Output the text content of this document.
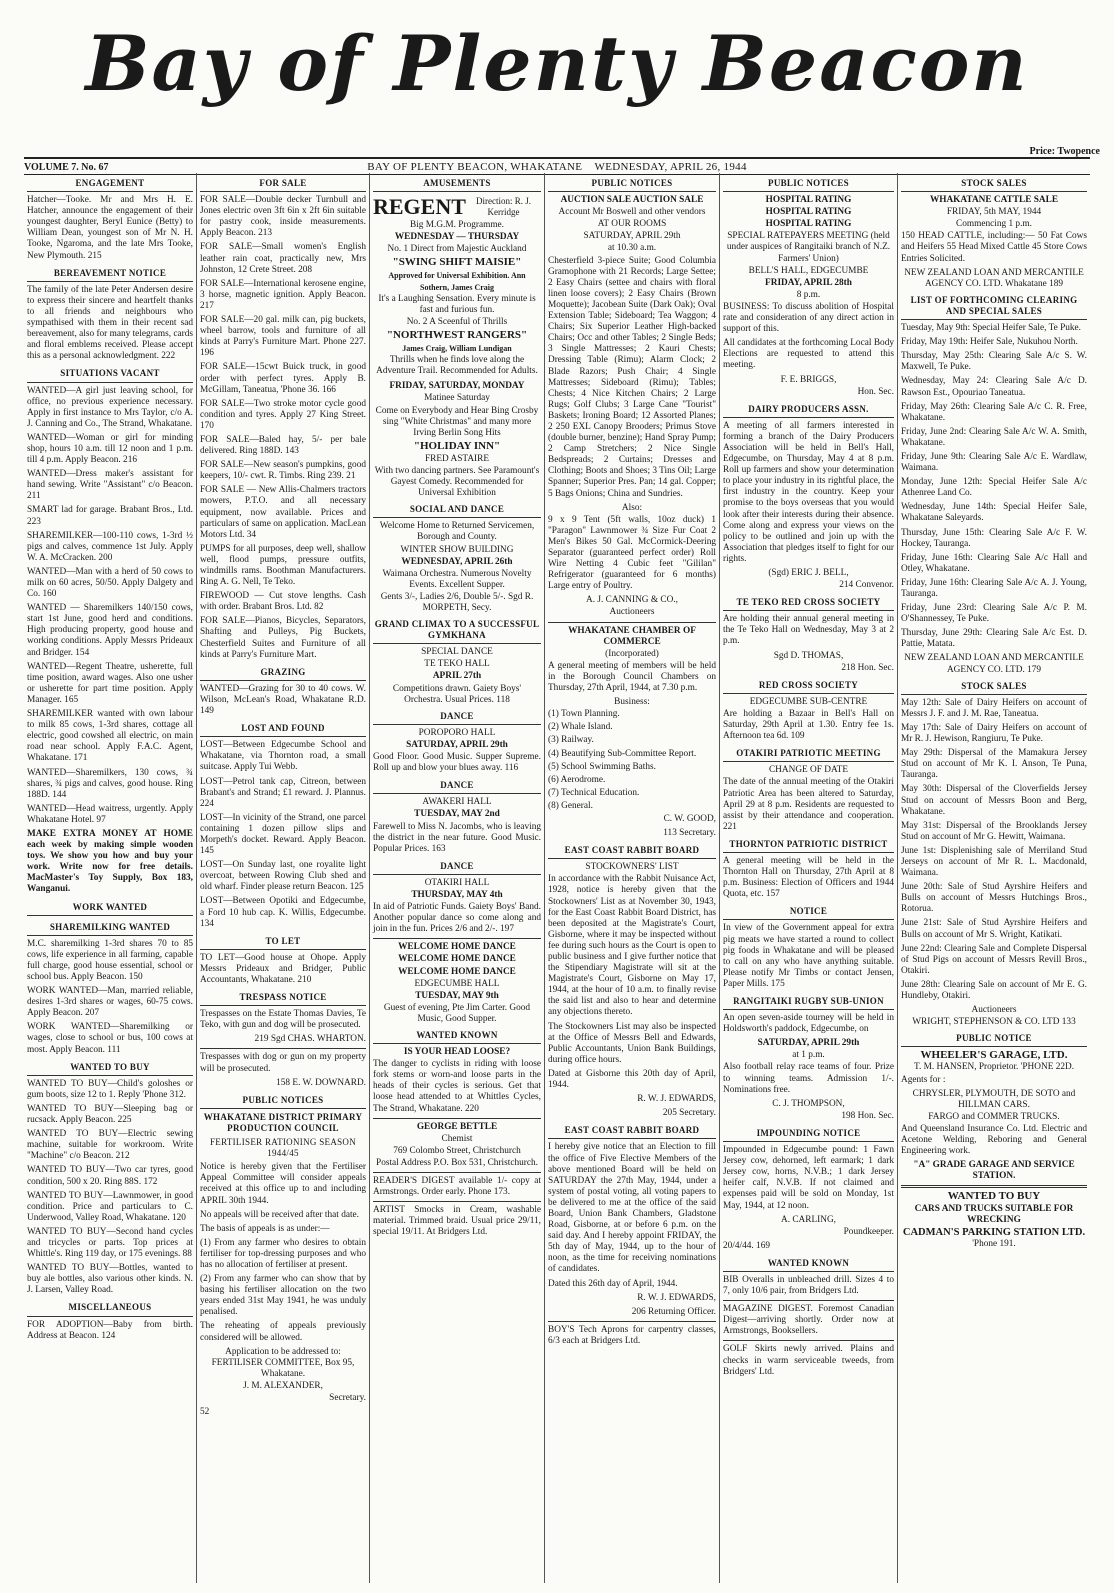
Bay of Plenty Beacon
Price: Twopence
VOLUME 7. No. 67	BAY OF PLENTY BEACON, WHAKATANE WEDNESDAY, APRIL 26, 1944
ENGAGEMENT

Hatcher—Tooke. Mr and Mrs H. E. Hatcher, announce the engagement of their youngest daughter, Beryl Eunice (Betty) to William Dean, youngest son of Mr N. H. Tooke, Ngaroma, and the late Mrs Tooke, New Plymouth. 215

BEREAVEMENT NOTICE

The family of the late Peter Andersen desire to express their sincere and heartfelt thanks to all friends and neighbours who sympathised with them in their recent sad bereavement, also for many telegrams, cards and floral emblems received. Please accept this as a personal acknowledgment. 222

SITUATIONS VACANT

WANTED—A girl just leaving school, for office, no previous experience necessary. Apply in first instance to Mrs Taylor, c/o A. J. Canning and Co., The Strand, Whakatane.

WANTED—Woman or girl for minding shop, hours 10 a.m. till 12 noon and 1 p.m. till 4 p.m. Apply Beacon. 216

WANTED—Dress maker's assistant for hand sewing. Write "Assistant" c/o Beacon. 211

SMART lad for garage. Brabant Bros., Ltd. 223

SHAREMILKER—100-110 cows, 1-3rd ½ pigs and calves, commence 1st July. Apply W. A. McCracken. 200

WANTED—Man with a herd of 50 cows to milk on 60 acres, 50/50. Apply Dalgety and Co. 160

WANTED — Sharemilkers 140/150 cows, start 1st June, good herd and conditions. High producing property, good house and working conditions. Apply Messrs Prideaux and Bridger. 154

WANTED—Regent Theatre, usherette, full time position, award wages. Also one usher or usherette for part time position. Apply Manager. 165

SHAREMILKER wanted with own labour to milk 85 cows, 1-3rd shares, cottage all electric, good cowshed all electric, on main road near school. Apply F.A.C. Agent, Whakatane. 171

WANTED—Sharemilkers, 130 cows, ¾ shares, ¾ pigs and calves, good house. Ring 188D. 144

WANTED—Head waitress, urgently. Apply Whakatane Hotel. 97

MAKE EXTRA MONEY AT HOME each week by making simple wooden toys. We show you how and buy your work. Write now for free details. MacMaster's Toy Supply, Box 183, Wanganui.

WORK WANTED
SHAREMILKING WANTED

M.C. sharemilking 1-3rd shares 70 to 85 cows, life experience in all farming, capable full charge, good house essential, school or school bus. Apply Beacon. 150

WORK WANTED—Man, married reliable, desires 1-3rd shares or wages, 60-75 cows. Apply Beacon. 207

WORK WANTED—Sharemilking or wages, close to school or bus, 100 cows at most. Apply Beacon. 111

WANTED TO BUY

WANTED TO BUY—Child's goloshes or gum boots, size 12 to 1. Reply 'Phone 312.

WANTED TO BUY—Sleeping bag or rucsack. Apply Beacon. 225

WANTED TO BUY—Electric sewing machine, suitable for workroom. Write "Machine" c/o Beacon. 212

WANTED TO BUY—Two car tyres, good condition, 500 x 20. Ring 88S. 172

WANTED TO BUY—Lawnmower, in good condition. Price and particulars to C. Underwood, Valley Road, Whakatane. 120

WANTED TO BUY—Second hand cycles and tricycles or parts. Top prices at Whittle's. Ring 119 day, or 175 evenings. 88

WANTED TO BUY—Bottles, wanted to buy ale bottles, also various other kinds. N. J. Larsen, Valley Road.

MISCELLANEOUS

FOR ADOPTION—Baby from birth. Address at Beacon. 124

FOR SALE

FOR SALE—Double decker Turnbull and Jones electric oven 3ft 6in x 2ft 6in suitable for pastry cook, inside measurements. Apply Beacon. 213

FOR SALE—Small women's English leather rain coat, practically new, Mrs Johnston, 12 Crete Street. 208

FOR SALE—International kerosene engine, 3 horse, magnetic ignition. Apply Beacon. 217

FOR SALE—20 gal. milk can, pig buckets, wheel barrow, tools and furniture of all kinds at Parry's Furniture Mart. Phone 227. 196

FOR SALE—15cwt Buick truck, in good order with perfect tyres. Apply B. McGillam, Taneatua, 'Phone 36. 166

FOR SALE—Two stroke motor cycle good condition and tyres. Apply 27 King Street. 170

FOR SALE—Baled hay, 5/- per bale delivered. Ring 188D. 143

FOR SALE—New season's pumpkins, good keepers, 10/- cwt. R. Timbs. Ring 239. 21

FOR SALE — New Allis-Chalmers tractors mowers, P.T.O. and all necessary equipment, now available. Prices and particulars of same on application. MacLean Motors Ltd. 34

PUMPS for all purposes, deep well, shallow well, flood pumps, pressure outfits, windmills rams. Boothman Manufacturers. Ring A. G. Nell, Te Teko.

FIREWOOD — Cut stove lengths. Cash with order. Brabant Bros. Ltd. 82

FOR SALE—Pianos, Bicycles, Separators, Shafting and Pulleys, Pig Buckets, Chesterfield Suites and Furniture of all kinds at Parry's Furniture Mart.

GRAZING

WANTED—Grazing for 30 to 40 cows. W. Wilson, McLean's Road, Whakatane R.D. 149

LOST AND FOUND

LOST—Between Edgecumbe School and Whakatane, via Thornton road, a small suitcase. Apply Tui Webb.

LOST—Petrol tank cap, Citreon, between Brabant's and Strand; £1 reward. J. Plannus. 224

LOST—In vicinity of the Strand, one parcel containing 1 dozen pillow slips and Morpeth's docket. Reward. Apply Beacon. 145

LOST—On Sunday last, one royalite light overcoat, between Rowing Club shed and old wharf. Finder please return Beacon. 125

LOST—Between Opotiki and Edgecumbe, a Ford 10 hub cap. K. Willis, Edgecumbe. 134

TO LET

TO LET—Good house at Ohope. Apply Messrs Prideaux and Bridger, Public Accountants, Whakatane. 210

TRESPASS NOTICE

Trespasses on the Estate Thomas Davies, Te Teko, with gun and dog will be prosecuted.

219 Sgd CHAS. WHARTON.

Trespasses with dog or gun on my property will be prosecuted.

158 E. W. DOWNARD.

PUBLIC NOTICES
WHAKATANE DISTRICT PRIMARY PRODUCTION COUNCIL
FERTILISER RATIONING SEASON 1944/45

Notice is hereby given that the Fertiliser Appeal Committee will consider appeals received at this office up to and including APRIL 30th 1944.

No appeals will be received after that date.

The basis of appeals is as under:—

(1) From any farmer who desires to obtain fertiliser for top-dressing purposes and who has no allocation of fertiliser at present.

(2) From any farmer who can show that by basing his fertiliser allocation on the two years ended 31st May 1941, he was unduly penalised.

The reheating of appeals previously considered will be allowed.

Application to be addressed to: FERTILISER COMMITTEE, Box 95, Whakatane.

J. M. ALEXANDER,

Secretary.

52

AMUSEMENTS
REGENT	Direction: R. J. Kerridge

Big M.G.M. Programme.

WEDNESDAY — THURSDAY

No. 1 Direct from Majestic Auckland

"SWING SHIFT MAISIE"

Approved for Universal Exhibition. Ann Sothern, James Craig

It's a Laughing Sensation. Every minute is fast and furious fun.

No. 2 A Sceenful of Thrills

"NORTHWEST RANGERS"

James Craig, William Lundigan

Thrills when he finds love along the Adventure Trail. Recommended for Adults.

FRIDAY, SATURDAY, MONDAY

Matinee Saturday

Come on Everybody and Hear Bing Crosby sing "White Christmas" and many more Irving Berlin Song Hits

"HOLIDAY INN"

FRED ASTAIRE

With two dancing partners. See Paramount's Gayest Comedy. Recommended for Universal Exhibition

SOCIAL AND DANCE

Welcome Home to Returned Servicemen, Borough and County.

WINTER SHOW BUILDING

WEDNESDAY, APRIL 26th

Waimana Orchestra. Numerous Novelty Events. Excellent Supper.

Gents 3/-, Ladies 2/6, Double 5/-. Sgd R. MORPETH, Secy.

GRAND CLIMAX TO A SUCCESSFUL GYMKHANA

SPECIAL DANCE

TE TEKO HALL

APRIL 27th

Competitions drawn. Gaiety Boys' Orchestra. Usual Prices. 118

DANCE

POROPORO HALL

SATURDAY, APRIL 29th

Good Floor. Good Music. Supper Supreme. Roll up and blow your blues away. 116

DANCE

AWAKERI HALL

TUESDAY, MAY 2nd

Farewell to Miss N. Jacombs, who is leaving the district in the near future. Good Music. Popular Prices. 163

DANCE

OTAKIRI HALL

THURSDAY, MAY 4th

In aid of Patriotic Funds. Gaiety Boys' Band. Another popular dance so come along and join in the fun. Prices 2/6 and 2/-. 197

WELCOME HOME DANCE

WELCOME HOME DANCE

WELCOME HOME DANCE

EDGECUMBE HALL

TUESDAY, MAY 9th

Guest of evening, Pte Jim Carter. Good Music, Good Supper.

WANTED KNOWN

IS YOUR HEAD LOOSE?

The danger to cyclists in riding with loose fork stems or worn-and loose parts in the heads of their cycles is serious. Get that loose head attended to at Whittles Cycles, The Strand, Whakatane. 220

GEORGE BETTLE

Chemist

769 Colombo Street, Christchurch

Postal Address P.O. Box 531, Christchurch.

READER'S DIGEST available 1/- copy at Armstrongs. Order early. Phone 173.

ARTIST Smocks in Cream, washable material. Trimmed braid. Usual price 29/11, special 19/11. At Bridgers Ltd.

PUBLIC NOTICES

AUCTION SALE AUCTION SALE

Account Mr Boswell and other vendors

AT OUR ROOMS

SATURDAY, APRIL 29th

at 10.30 a.m.

Chesterfield 3-piece Suite; Good Columbia Gramophone with 21 Records; Large Settee; 2 Easy Chairs (settee and chairs with floral linen loose covers); 2 Easy Chairs (Brown Moquette); Jacobean Suite (Dark Oak); Oval Extension Table; Sideboard; Tea Waggon; 4 Chairs; Six Superior Leather High-backed Chairs; Occ and other Tables; 2 Single Beds; 3 Single Mattresses; 2 Kauri Chests; Dressing Table (Rimu); Alarm Clock; 2 Blade Razors; Push Chair; 4 Single Mattresses; Sideboard (Rimu); Tables; Chests; 4 Nice Kitchen Chairs; 2 Large Rugs; Golf Clubs; 3 Large Cane "Tourist" Baskets; Ironing Board; 12 Assorted Planes; 2 250 EXL Canopy Brooders; Primus Stove (double burner, benzine); Hand Spray Pump; 2 Camp Stretchers; 2 Nice Single Bedspreads; 2 Curtains; Dresses and Clothing; Boots and Shoes; 3 Tins Oil; Large Spanner; Superior Pres. Pan; 14 gal. Copper; 5 Bags Onions; China and Sundries.

Also:

9 x 9 Tent (5ft walls, 10oz duck) 1 "Paragon" Lawnmower ¾ Size Fur Coat 2 Men's Bikes 50 Gal. McCormick-Deering Separator (guaranteed perfect order) Roll Wire Netting 4 Cubic feet "Gililan" Refrigerator (guaranteed for 6 months) Large entry of Poultry.

A. J. CANNING & CO.,

Auctioneers

WHAKATANE CHAMBER OF COMMERCE

(Incorporated)

A general meeting of members will be held in the Borough Council Chambers on Thursday, 27th April, 1944, at 7.30 p.m.

Business:

(1) Town Planning.
(2) Whale Island.
(3) Railway.
(4) Beautifying Sub-Committee Report.
(5) School Swimming Baths.
(6) Aerodrome.
(7) Technical Education.
(8) General.

C. W. GOOD,

113 Secretary.

EAST COAST RABBIT BOARD

STOCKOWNERS' LIST

In accordance with the Rabbit Nuisance Act, 1928, notice is hereby given that the Stockowners' List as at November 30, 1943, for the East Coast Rabbit Board District, has been deposited at the Magistrate's Court, Gisborne, where it may be inspected without fee during such hours as the Court is open to public business and I give further notice that the Stipendiary Magistrate will sit at the Magistrate's Court, Gisborne on May 17, 1944, at the hour of 10 a.m. to finally revise the said list and also to hear and determine any objections thereto.

The Stockowners List may also be inspected at the Office of Messrs Bell and Edwards, Public Accountants, Union Bank Buildings, during office hours.

Dated at Gisborne this 20th day of April, 1944.

R. W. J. EDWARDS,

205 Secretary.

EAST COAST RABBIT BOARD

I hereby give notice that an Election to fill the office of Five Elective Members of the above mentioned Board will be held on SATURDAY the 27th May, 1944, under a system of postal voting, all voting papers to be delivered to me at the office of the said Board, Union Bank Chambers, Gladstone Road, Gisborne, at or before 6 p.m. on the said day. And I hereby appoint FRIDAY, the 5th day of May, 1944, up to the hour of noon, as the time for receiving nominations of candidates.

Dated this 26th day of April, 1944.

R. W. J. EDWARDS,

206 Returning Officer.

BOY'S Tech Aprons for carpentry classes, 6/3 each at Bridgers Ltd.

PUBLIC NOTICES

HOSPITAL RATING

HOSPITAL RATING

HOSPITAL RATING

SPECIAL RATEPAYERS MEETING (held under auspices of Rangitaiki branch of N.Z. Farmers' Union)

BELL'S HALL, EDGECUMBE

FRIDAY, APRIL 28th

8 p.m.

BUSINESS: To discuss abolition of Hospital rate and consideration of any direct action in support of this.

All candidates at the forthcoming Local Body Elections are requested to attend this meeting.

F. E. BRIGGS,

Hon. Sec.

DAIRY PRODUCERS ASSN.

A meeting of all farmers interested in forming a branch of the Dairy Producers Association will be held in Bell's Hall, Edgecumbe, on Thursday, May 4 at 8 p.m. Roll up farmers and show your determination to place your industry in its rightful place, the first industry in the country. Keep your promise to the boys overseas that you would look after their interests during their absence. Come along and express your views on the policy to be outlined and join up with the Association that pledges itself to fight for our rights.

(Sgd) ERIC J. BELL,

214 Convenor.

TE TEKO RED CROSS SOCIETY

Are holding their annual general meeting in the Te Teko Hall on Wednesday, May 3 at 2 p.m.

Sgd D. THOMAS,

218 Hon. Sec.

RED CROSS SOCIETY

EDGECUMBE SUB-CENTRE

Are holding a Bazaar in Bell's Hall on Saturday, 29th April at 1.30. Entry fee 1s. Afternoon tea 6d. 109

OTAKIRI PATRIOTIC MEETING

CHANGE OF DATE

The date of the annual meeting of the Otakiri Patriotic Area has been altered to Saturday, April 29 at 8 p.m. Residents are requested to assist by their attendance and cooperation. 221

THORNTON PATRIOTIC DISTRICT

A general meeting will be held in the Thornton Hall on Thursday, 27th April at 8 p.m. Business: Election of Officers and 1944 Quota, etc. 157

NOTICE

In view of the Government appeal for extra pig meats we have started a round to collect pig foods in Whakatane and will be pleased to call on any who have anything suitable. Please notify Mr Timbs or contact Jensen, Paper Mills. 175

RANGITAIKI RUGBY SUB-UNION

An open seven-aside tourney will be held in Holdsworth's paddock, Edgecumbe, on

SATURDAY, APRIL 29th

at 1 p.m.

Also football relay race teams of four. Prize to winning teams. Admission 1/-. Nominations free.

C. J. THOMPSON,

198 Hon. Sec.

IMPOUNDING NOTICE

Impounded in Edgecumbe pound: 1 Fawn Jersey cow, dehorned, left earmark; 1 dark Jersey cow, horns, N.V.B.; 1 dark Jersey heifer calf, N.V.B. If not claimed and expenses paid will be sold on Monday, 1st May, 1944, at 12 noon.

A. CARLING,

Poundkeeper.

20/4/44. 169

WANTED KNOWN

BIB Overalls in unbleached drill. Sizes 4 to 7, only 10/6 pair, from Bridgers Ltd.

MAGAZINE DIGEST. Foremost Canadian Digest—arriving shortly. Order now at Armstrongs, Booksellers.

GOLF Skirts newly arrived. Plains and checks in warm serviceable tweeds, from Bridgers' Ltd.

STOCK SALES

WHAKATANE CATTLE SALE

FRIDAY, 5th MAY, 1944

Commencing 1 p.m.

150 HEAD CATTLE, including:— 50 Fat Cows and Heifers 55 Head Mixed Cattle 45 Store Cows Entries Solicited.

NEW ZEALAND LOAN AND MERCANTILE AGENCY CO. LTD. Whakatane 189

LIST OF FORTHCOMING CLEARING AND SPECIAL SALES

Tuesday, May 9th: Special Heifer Sale, Te Puke.

Friday, May 19th: Heifer Sale, Nukuhou North.

Thursday, May 25th: Clearing Sale A/c S. W. Maxwell, Te Puke.

Wednesday, May 24: Clearing Sale A/c D. Rawson Est., Opouriao Taneatua.

Friday, May 26th: Clearing Sale A/c C. R. Free, Whakatane.

Friday, June 2nd: Clearing Sale A/c W. A. Smith, Whakatane.

Friday, June 9th: Clearing Sale A/c E. Wardlaw, Waimana.

Monday, June 12th: Special Heifer Sale A/c Athenree Land Co.

Wednesday, June 14th: Special Heifer Sale, Whakatane Saleyards.

Thursday, June 15th: Clearing Sale A/c F. W. Hockey, Tauranga.

Friday, June 16th: Clearing Sale A/c Hall and Otley, Whakatane.

Friday, June 16th: Clearing Sale A/c A. J. Young, Tauranga.

Friday, June 23rd: Clearing Sale A/c P. M. O'Shannessey, Te Puke.

Thursday, June 29th: Clearing Sale A/c Est. D. Pattie, Matata.

NEW ZEALAND LOAN AND MERCANTILE AGENCY CO. LTD. 179

STOCK SALES

May 12th: Sale of Dairy Heifers on account of Messrs J. F. and J. M. Rae, Taneatua.

May 17th: Sale of Dairy Heifers on account of Mr R. J. Hewison, Rangiuru, Te Puke.

May 29th: Dispersal of the Mamakura Jersey Stud on account of Mr K. I. Anson, Te Puna, Tauranga.

May 30th: Dispersal of the Cloverfields Jersey Stud on account of Messrs Boon and Berg, Whakatane.

May 31st: Dispersal of the Brooklands Jersey Stud on account of Mr G. Hewitt, Waimana.

June 1st: Displenishing sale of Merriland Stud Jerseys on account of Mr R. L. Macdonald, Waimana.

June 20th: Sale of Stud Ayrshire Heifers and Bulls on account of Messrs Hutchings Bros., Rotorua.

June 21st: Sale of Stud Ayrshire Heifers and Bulls on account of Mr S. Wright, Katikati.

June 22nd: Clearing Sale and Complete Dispersal of Stud Pigs on account of Messrs Revill Bros., Otakiri.

June 28th: Clearing Sale on account of Mr E. G. Hundleby, Otakiri.

Auctioneers

WRIGHT, STEPHENSON & CO. LTD 133

PUBLIC NOTICE

WHEELER'S GARAGE, LTD.

T. M. HANSEN, Proprietor. 'PHONE 22D.

Agents for :

CHRYSLER, PLYMOUTH, DE SOTO and HILLMAN CARS.

FARGO and COMMER TRUCKS.

And Queensland Insurance Co. Ltd. Electric and Acetone Welding, Reboring and General Engineering work.

"A" GRADE GARAGE AND SERVICE STATION.

WANTED TO BUY

CARS AND TRUCKS SUITABLE FOR WRECKING

CADMAN'S PARKING STATION LTD.

'Phone 191.
